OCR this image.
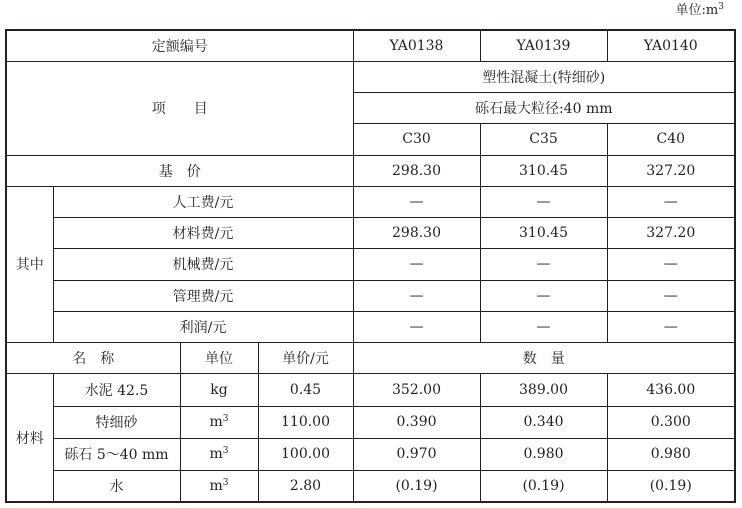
单位$:m^3$
定额编号				YA0138	YA0139	YA0140
项　　目				塑性混凝土(特细砂)		
				砾石最大粒径:40 mm		
				C30	C35	C40
基　价				298.30	310.45	327.20
其中	人工费/元			—	—	—
	材料费/元			298.30	310.45	327.20
	机械费/元			—	—	—
	管理费/元			—	—	—
	利润/元			—	—	—
名　称		单位	单价/元	数　量		
材料	水泥 42.5	kg	0.45	352.00	389.00	436.00
	特细砂	$m^3$	110.00	0.390	0.340	0.300
	砾石 5～40 mm	$m^3$	100.00	0.970	0.980	0.980
	水	$m^3$	2.80	(0.19)	(0.19)	(0.19)
